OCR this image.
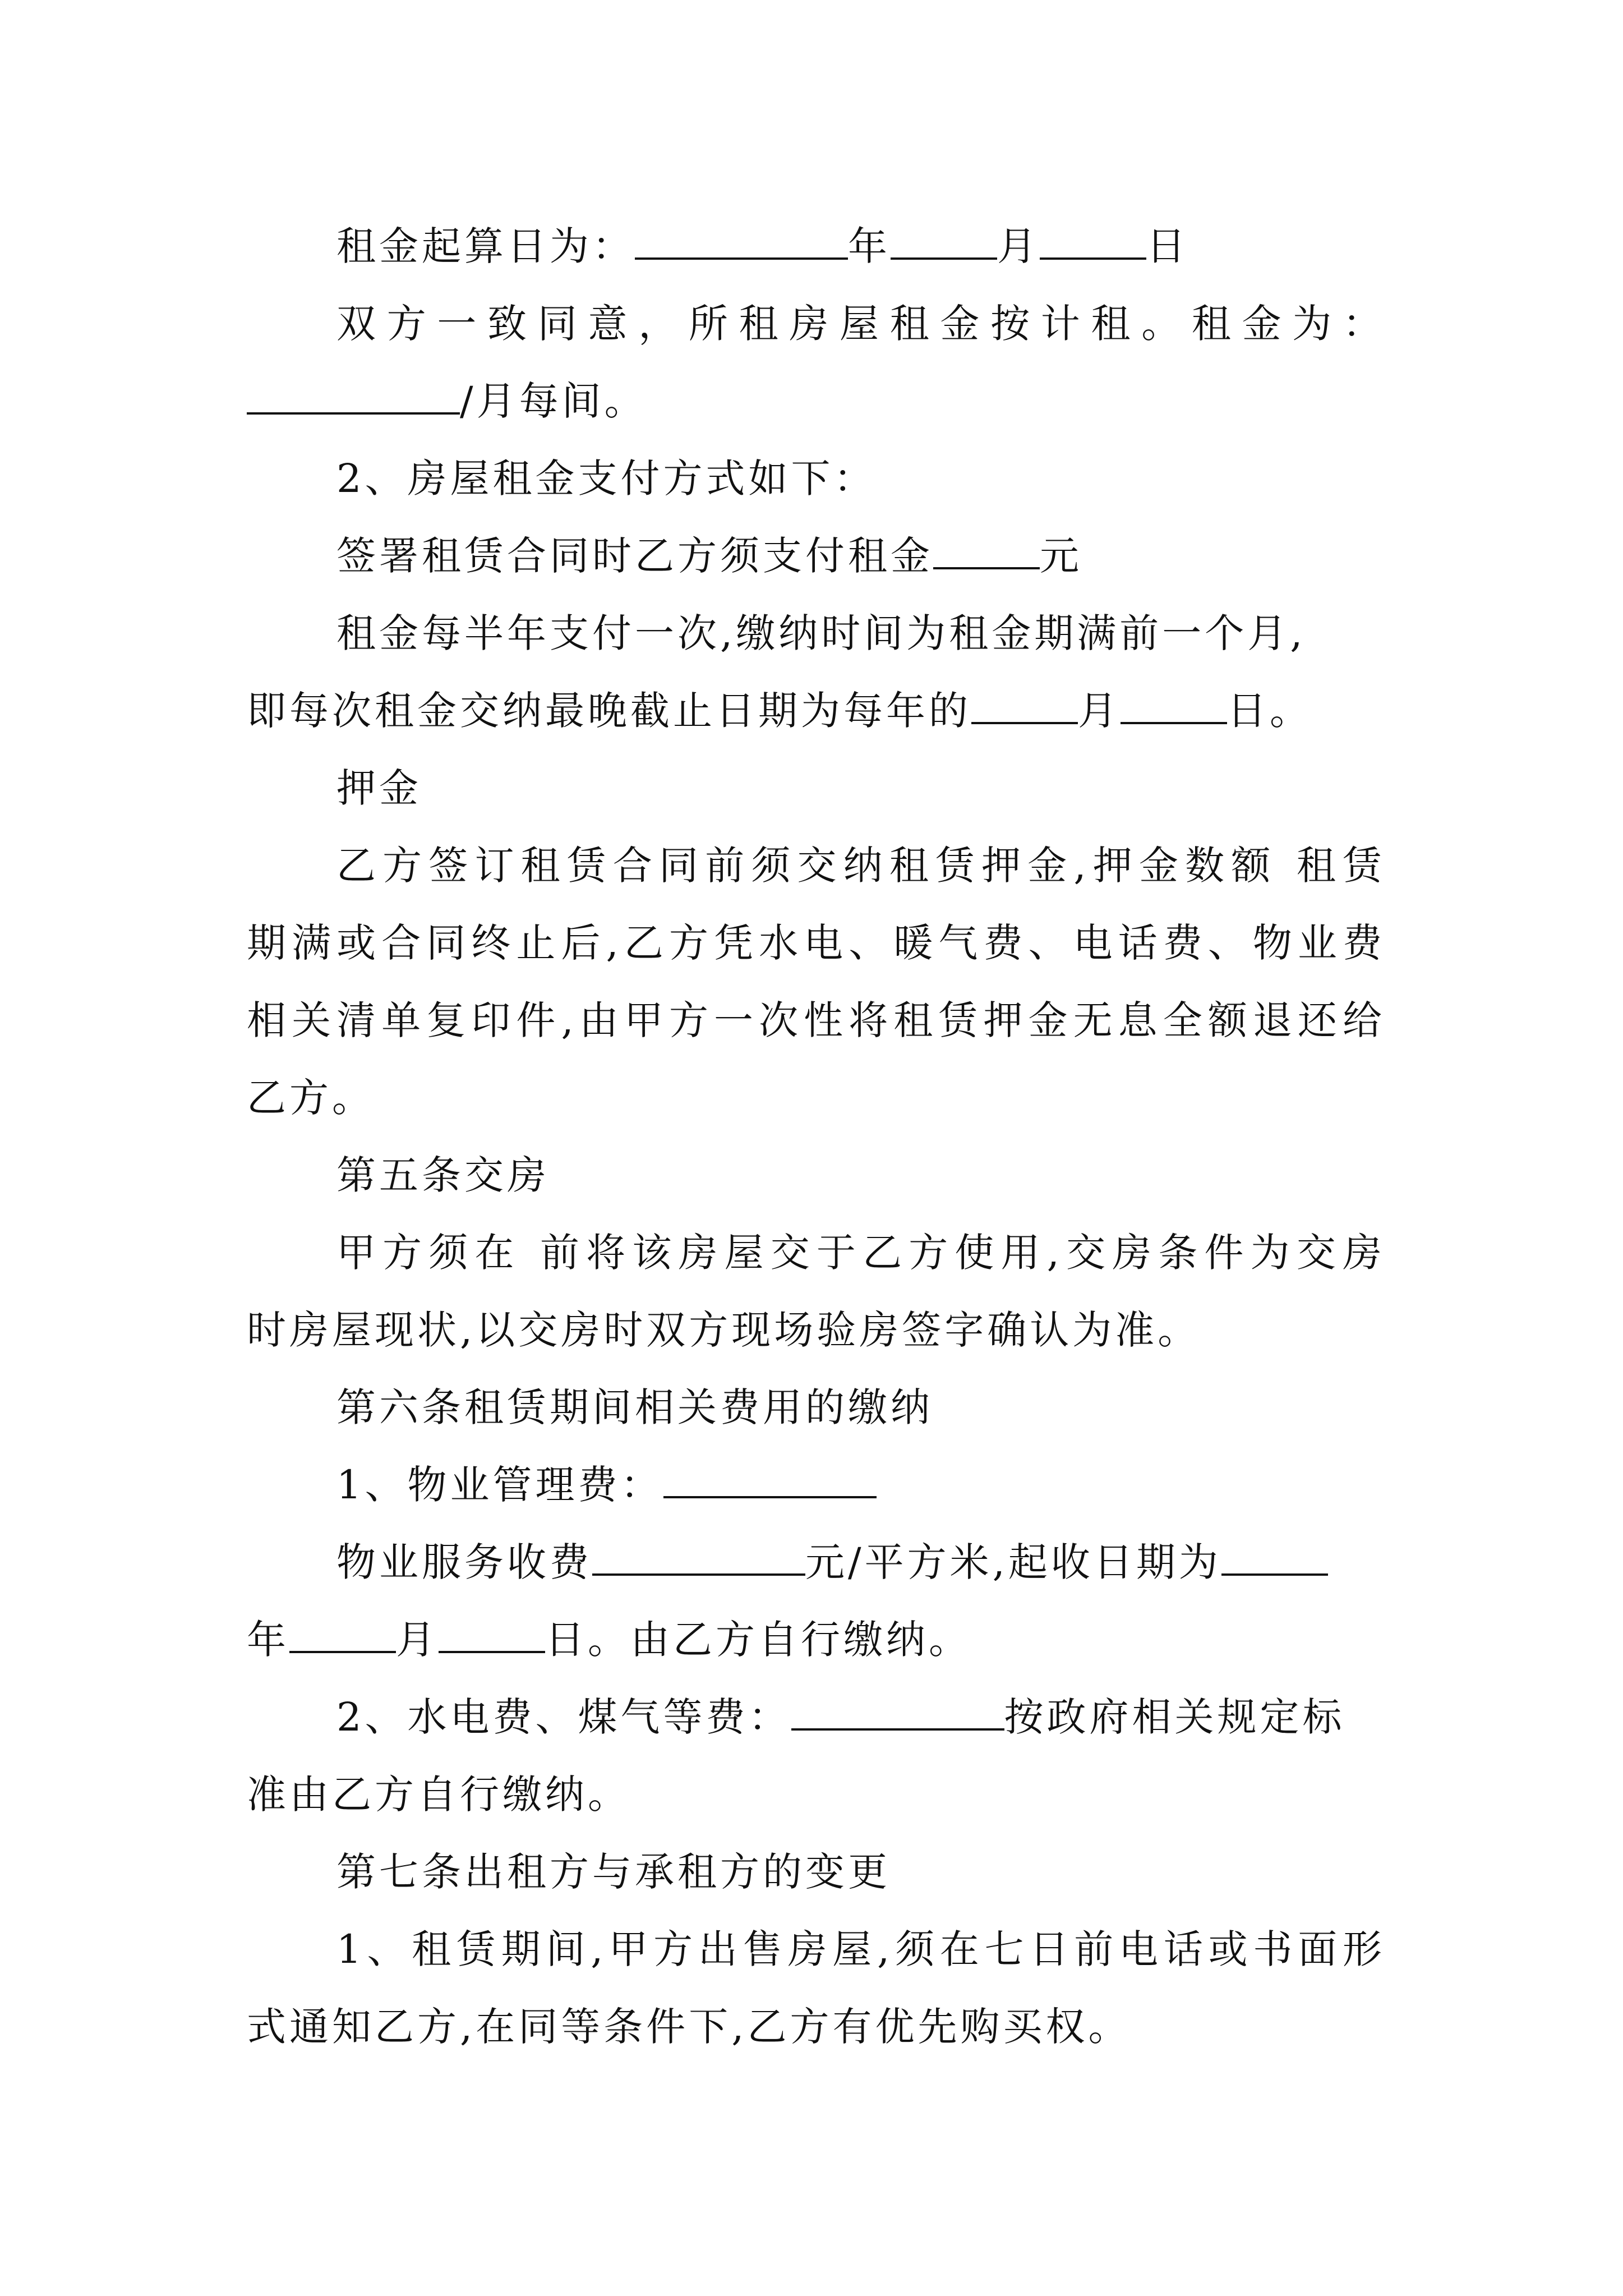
租金起算日为：	年	月	日
双方一致同意，所租房屋租金按计租。租金为：
/月每间。
2、房屋租金支付方式如下：
签署租赁合同时乙方须支付租金	元
租金每半年支付一次,缴纳时间为租金期满前一个月,
即每次租金交纳最晚截止日期为每年的	月	日。
押金
乙方签订租赁合同前须交纳租赁押金,押金数额 租赁
期满或合同终止后,乙方凭水电、暖气费、电话费、物业费
相关清单复印件,由甲方一次性将租赁押金无息全额退还给
乙方。
第五条交房
甲方须在 前将该房屋交于乙方使用,交房条件为交房
时房屋现状,以交房时双方现场验房签字确认为准。
第六条租赁期间相关费用的缴纳
1、物业管理费：
物业服务收费	元/平方米,起收日期为
年	月	日。由乙方自行缴纳。
2、水电费、煤气等费：	按政府相关规定标
准由乙方自行缴纳。
第七条出租方与承租方的变更
1、租赁期间,甲方出售房屋,须在七日前电话或书面形
式通知乙方,在同等条件下,乙方有优先购买权。
